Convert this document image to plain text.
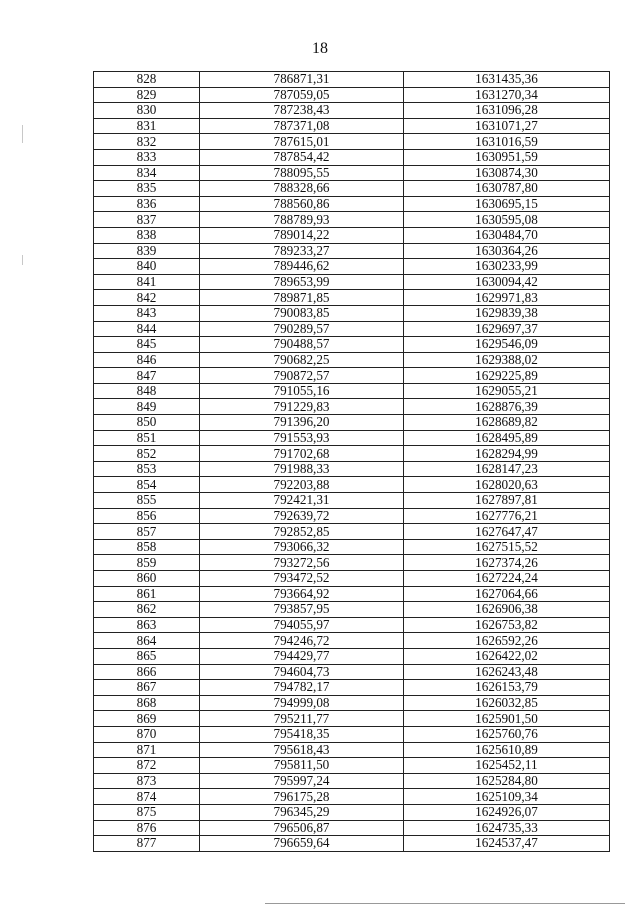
18
828	786871,31	1631435,36
829	787059,05	1631270,34
830	787238,43	1631096,28
831	787371,08	1631071,27
832	787615,01	1631016,59
833	787854,42	1630951,59
834	788095,55	1630874,30
835	788328,66	1630787,80
836	788560,86	1630695,15
837	788789,93	1630595,08
838	789014,22	1630484,70
839	789233,27	1630364,26
840	789446,62	1630233,99
841	789653,99	1630094,42
842	789871,85	1629971,83
843	790083,85	1629839,38
844	790289,57	1629697,37
845	790488,57	1629546,09
846	790682,25	1629388,02
847	790872,57	1629225,89
848	791055,16	1629055,21
849	791229,83	1628876,39
850	791396,20	1628689,82
851	791553,93	1628495,89
852	791702,68	1628294,99
853	791988,33	1628147,23
854	792203,88	1628020,63
855	792421,31	1627897,81
856	792639,72	1627776,21
857	792852,85	1627647,47
858	793066,32	1627515,52
859	793272,56	1627374,26
860	793472,52	1627224,24
861	793664,92	1627064,66
862	793857,95	1626906,38
863	794055,97	1626753,82
864	794246,72	1626592,26
865	794429,77	1626422,02
866	794604,73	1626243,48
867	794782,17	1626153,79
868	794999,08	1626032,85
869	795211,77	1625901,50
870	795418,35	1625760,76
871	795618,43	1625610,89
872	795811,50	1625452,11
873	795997,24	1625284,80
874	796175,28	1625109,34
875	796345,29	1624926,07
876	796506,87	1624735,33
877	796659,64	1624537,47
